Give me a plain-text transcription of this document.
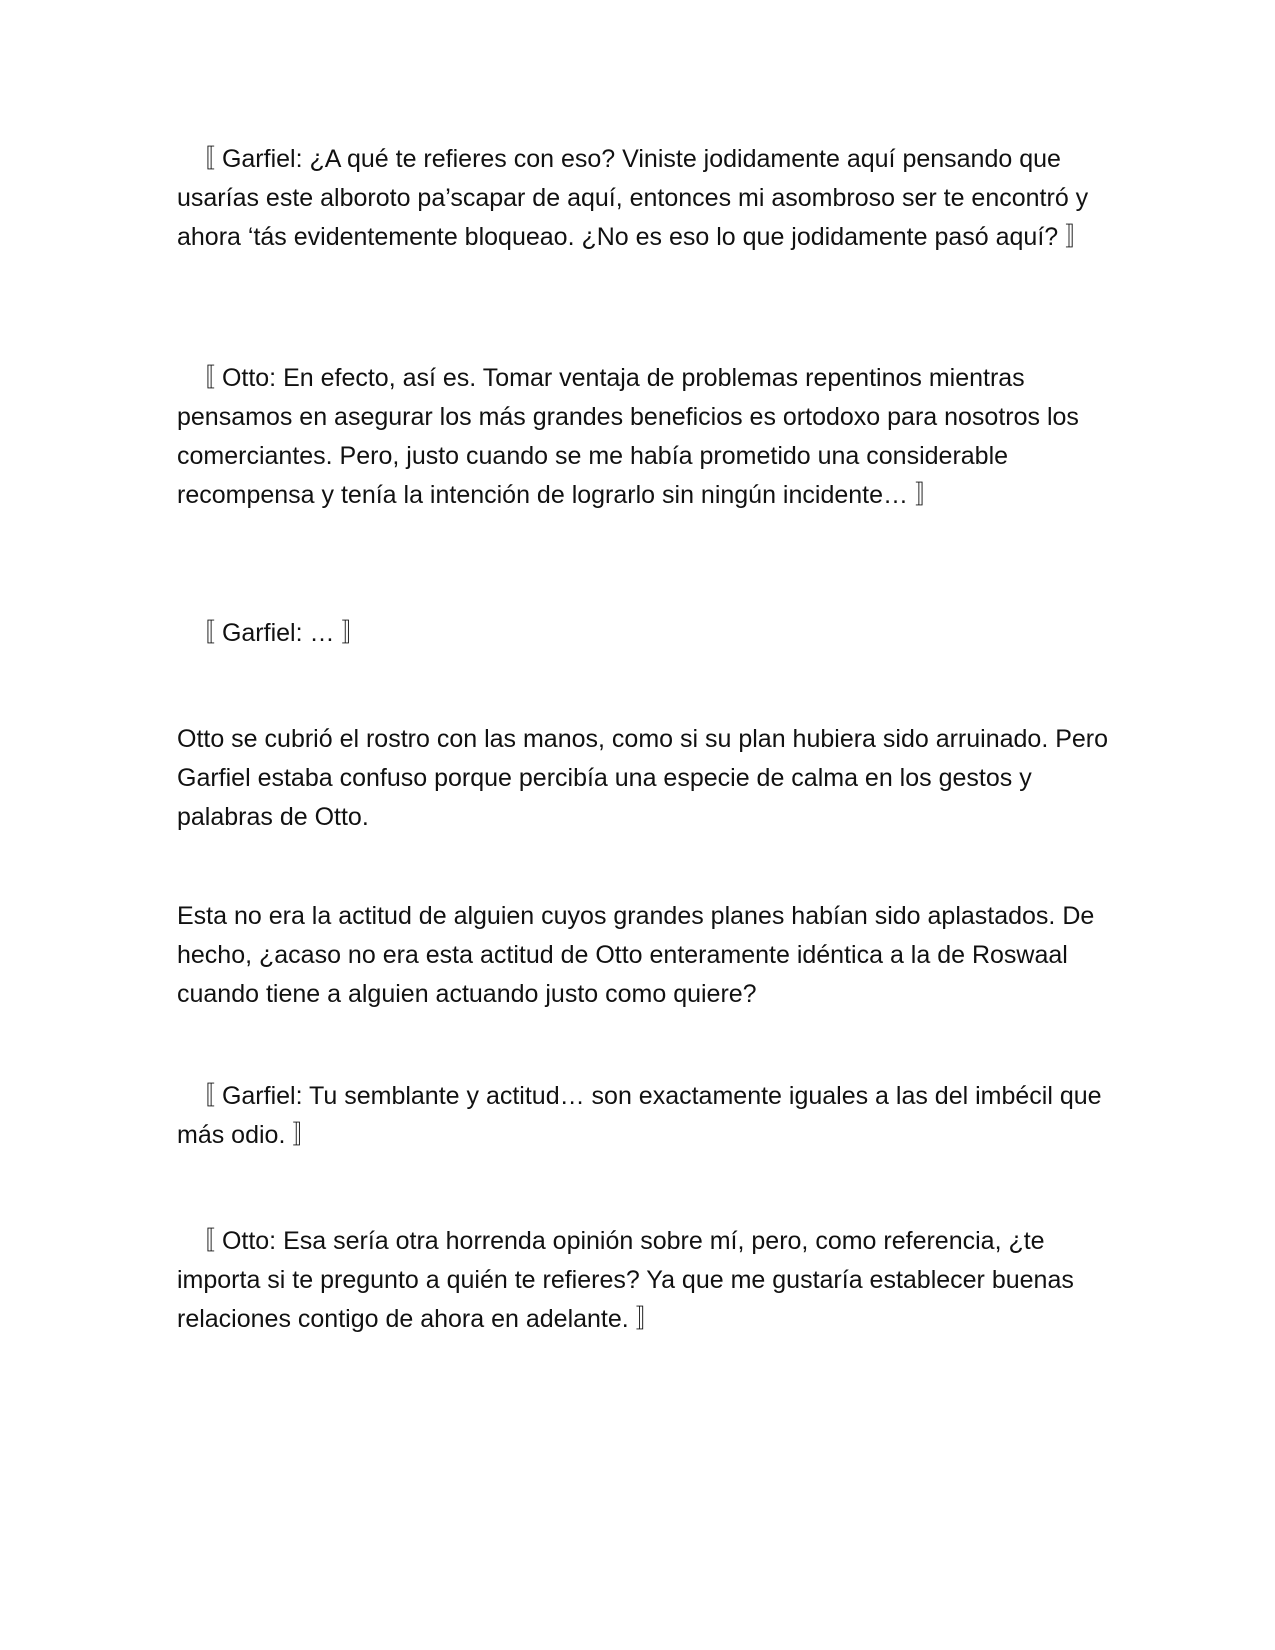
〚 Garfiel: ¿A qué te refieres con eso? Viniste jodidamente aquí pensando que usarías este alboroto pa’scapar de aquí, entonces mi asombroso ser te encontró y ahora ‘tás evidentemente bloqueao. ¿No es eso lo que jodidamente pasó aquí? 〛

〚 Otto: En efecto, así es. Tomar ventaja de problemas repentinos mientras pensamos en asegurar los más grandes beneficios es ortodoxo para nosotros los comerciantes. Pero, justo cuando se me había prometido una considerable recompensa y tenía la intención de lograrlo sin ningún incidente… 〛

〚 Garfiel: … 〛

Otto se cubrió el rostro con las manos, como si su plan hubiera sido arruinado. Pero Garfiel estaba confuso porque percibía una especie de calma en los gestos y palabras de Otto.

Esta no era la actitud de alguien cuyos grandes planes habían sido aplastados. De hecho, ¿acaso no era esta actitud de Otto enteramente idéntica a la de Roswaal cuando tiene a alguien actuando justo como quiere?

〚 Garfiel: Tu semblante y actitud… son exactamente iguales a las del imbécil que más odio. 〛

〚 Otto: Esa sería otra horrenda opinión sobre mí, pero, como referencia, ¿te importa si te pregunto a quién te refieres? Ya que me gustaría establecer buenas relaciones contigo de ahora en adelante. 〛
